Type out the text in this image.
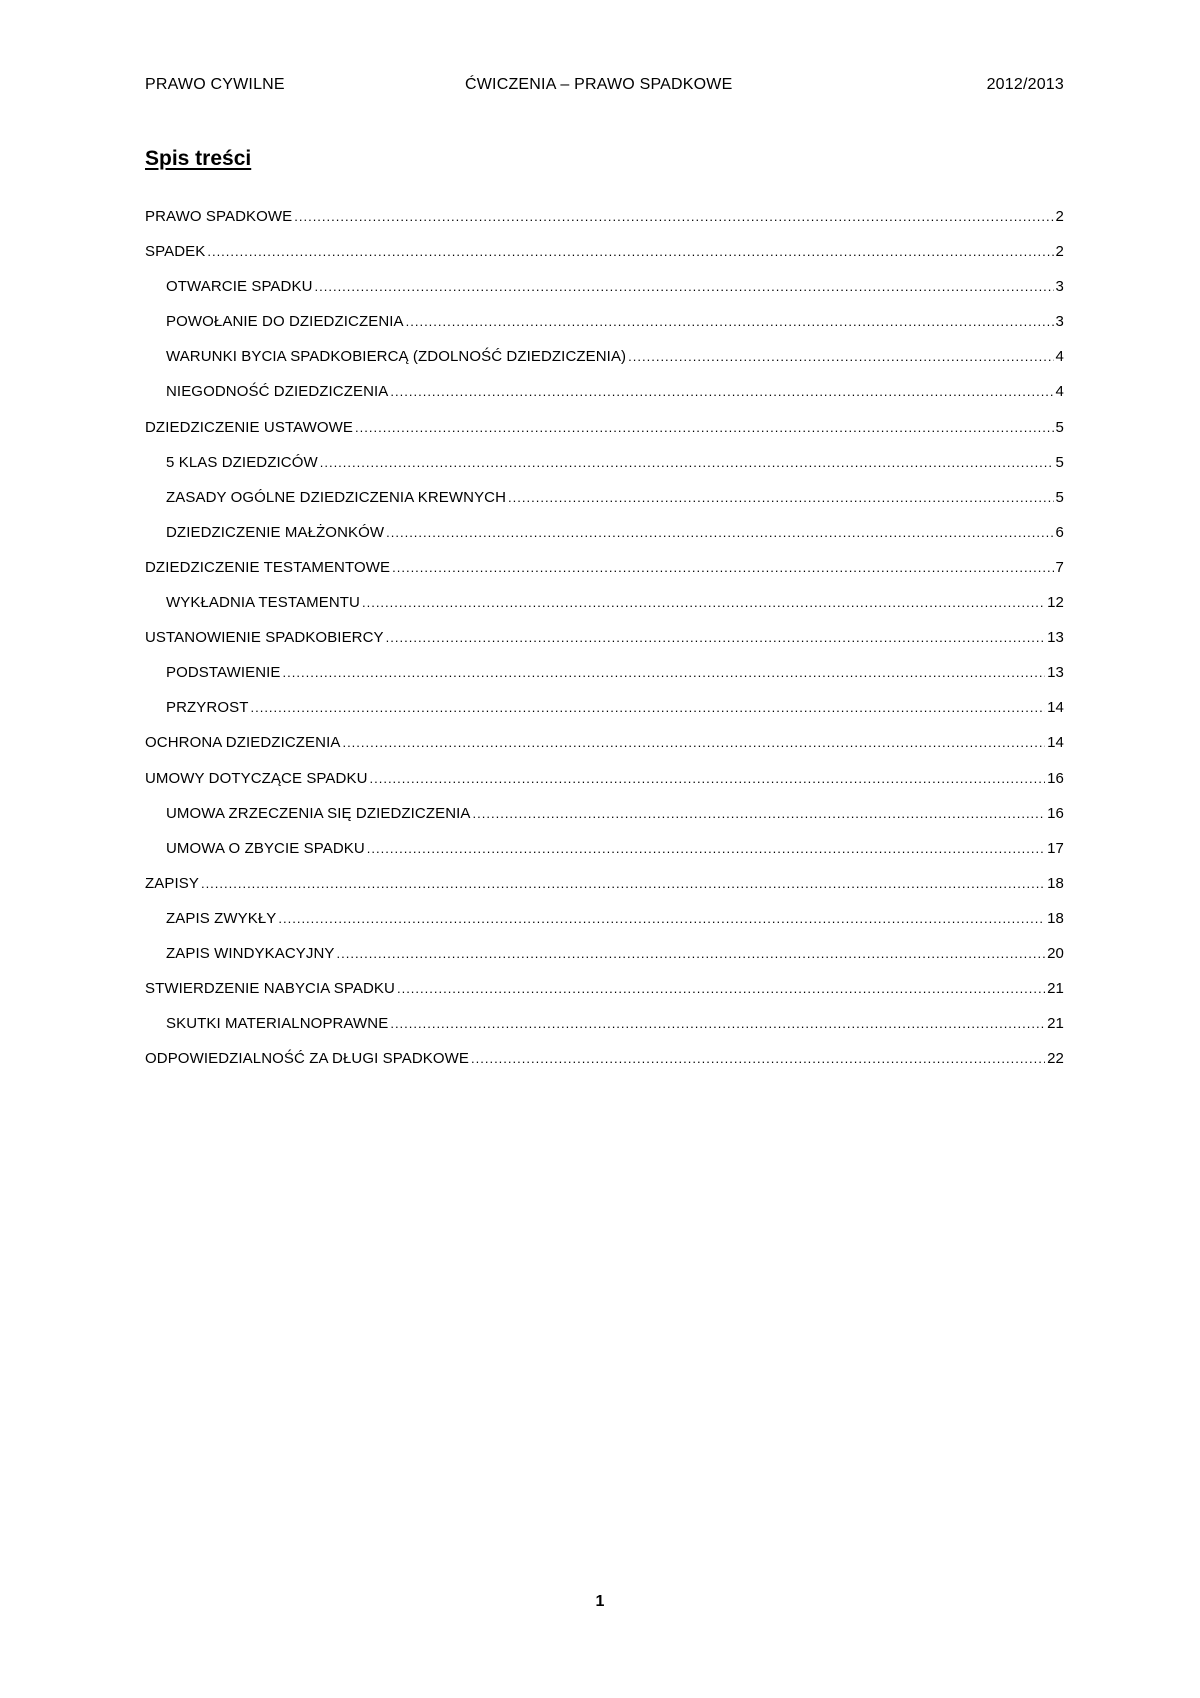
PRAWO CYWILNE	ĆWICZENIA – PRAWO SPADKOWE	2012/2013
Spis treści
PRAWO SPADKOWE .....	2
SPADEK .....	2
OTWARCIE SPADKU .....	3
POWOŁANIE DO DZIEDZICZENIA .....	3
WARUNKI BYCIA SPADKOBIERCĄ (ZDOLNOŚĆ DZIEDZICZENIA) .....	4
NIEGODNOŚĆ DZIEDZICZENIA .....	4
DZIEDZICZENIE USTAWOWE .....	5
5 KLAS DZIEDZICÓW .....	5
ZASADY OGÓLNE DZIEDZICZENIA KREWNYCH .....	5
DZIEDZICZENIE MAŁŻONKÓW .....	6
DZIEDZICZENIE TESTAMENTOWE .....	7
WYKŁADNIA TESTAMENTU .....	12
USTANOWIENIE SPADKOBIERCY .....	13
PODSTAWIENIE .....	13
PRZYROST .....	14
OCHRONA DZIEDZICZENIA .....	14
UMOWY DOTYCZĄCE SPADKU .....	16
UMOWA ZRZECZENIA SIĘ DZIEDZICZENIA .....	16
UMOWA O ZBYCIE SPADKU .....	17
ZAPISY .....	18
ZAPIS ZWYKŁY .....	18
ZAPIS WINDYKACYJNY .....	20
STWIERDZENIE NABYCIA SPADKU .....	21
SKUTKI MATERIALNOPRAWNE .....	21
ODPOWIEDZIALNOŚĆ ZA DŁUGI SPADKOWE .....	22
1
